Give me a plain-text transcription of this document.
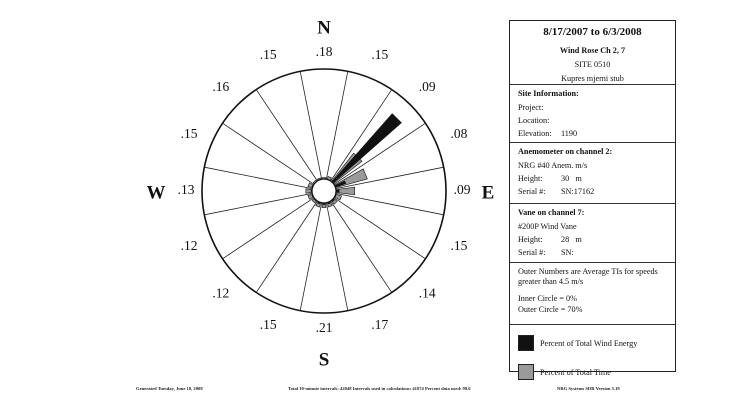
.18	.15
.09
.08
.09
.15
.14
.17
.21
.15
.12
.12
.13
.15
.16
.15
N
E
S
W
8/17/2007 to 6/3/2008
Wind Rose Ch 2, 7
SITE 0510
Kupres mjerni stub
Site Information:
Project:
Location:
Elevation:	1190
Anemometer on channel 2:
NRG #40 Anem. m/s
Height:	30   m
Serial #:	SN:17162
Vane on channel 7:
#200P Wind Vane
Height:	28   m
Serial #:	SN:
Outer Numbers are Average TIs for speeds greater than 4.5 m/s
Inner Circle = 0%
Outer Circle = 70%
Percent of Total Wind Energy
Percent of Total Time
Generated Tuesday, June 10, 2008	Total 10-minute intervals: 42048 Intervals used in calculations: 41874 Percent data used: 99.6	NRG Systems SDR Version 5.19
